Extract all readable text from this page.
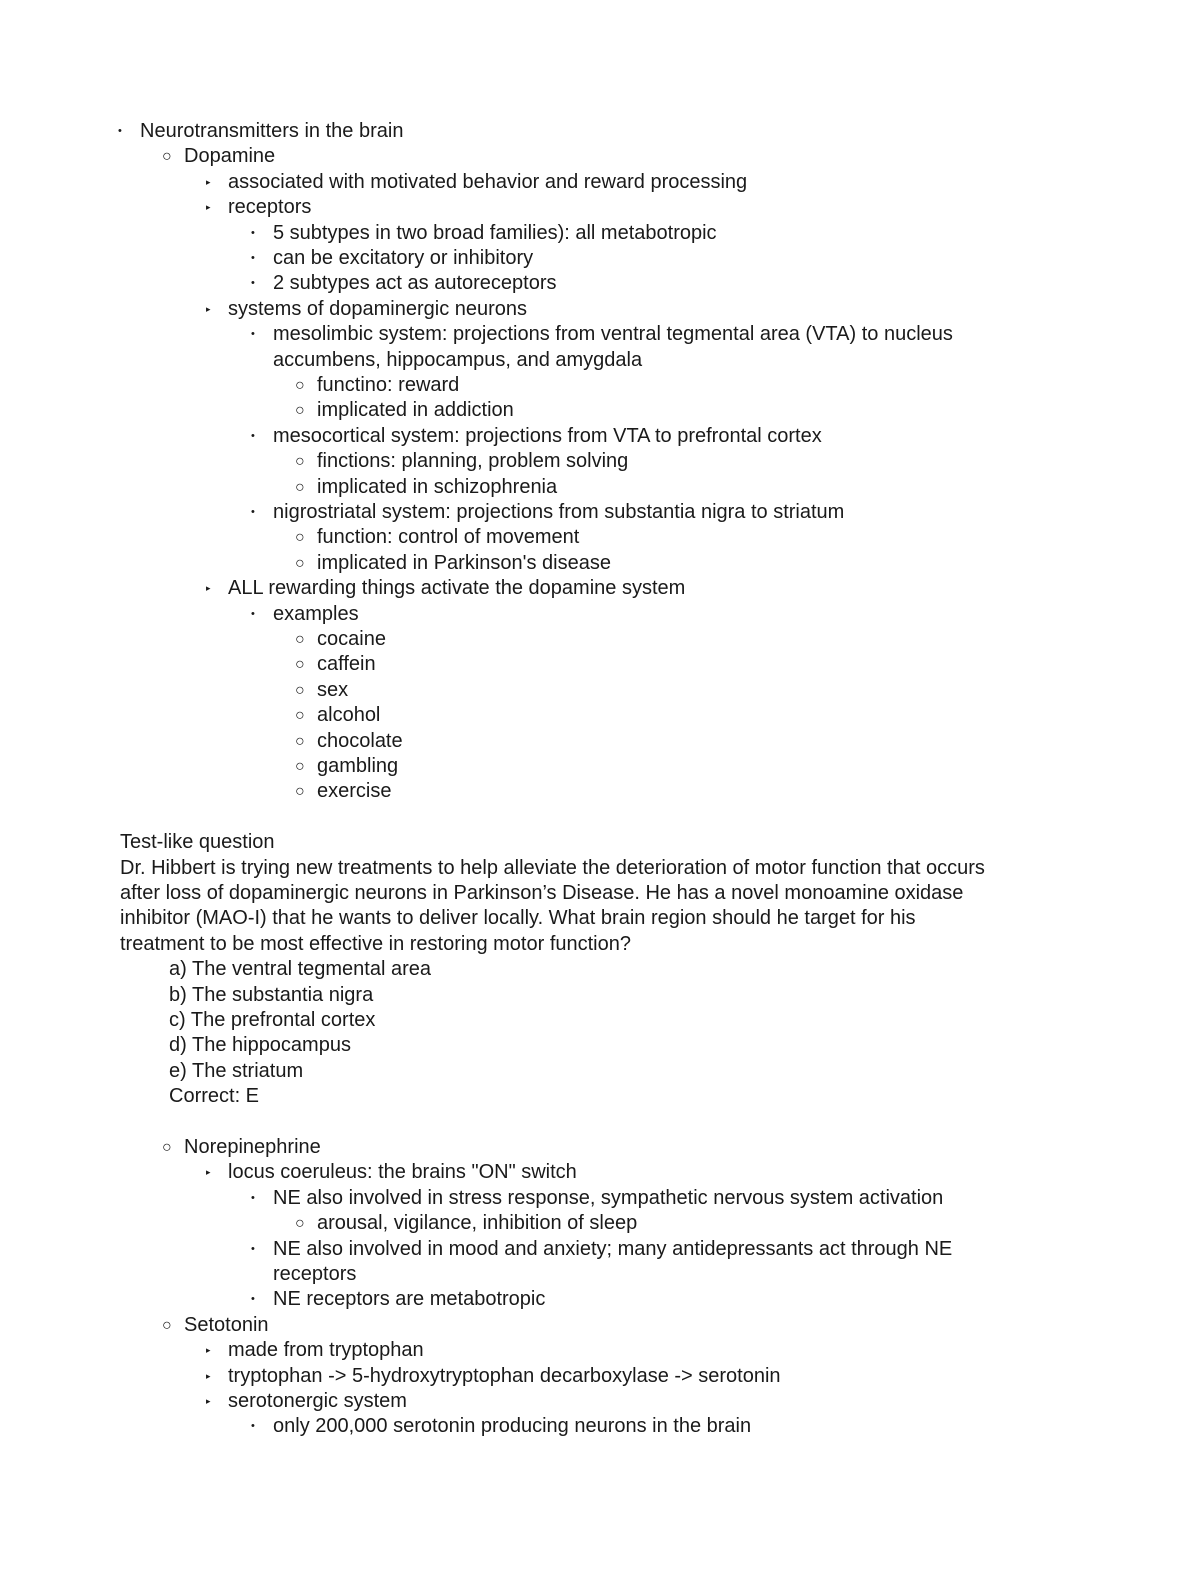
• Neurotransmitters in the brain
○ Dopamine
▸ associated with motivated behavior and reward processing
▸ receptors
• 5 subtypes in two broad families): all metabotropic
• can be excitatory or inhibitory
• 2 subtypes act as autoreceptors
▸ systems of dopaminergic neurons
• mesolimbic system: projections from ventral tegmental area (VTA) to nucleus
accumbens, hippocampus, and amygdala
○ functino: reward
○ implicated in addiction
• mesocortical system: projections from VTA to prefrontal cortex
○ finctions: planning, problem solving
○ implicated in schizophrenia
• nigrostriatal system: projections from substantia nigra to striatum
○ function: control of movement
○ implicated in Parkinson's disease
▸ ALL rewarding things activate the dopamine system
• examples
○ cocaine
○ caffein
○ sex
○ alcohol
○ chocolate
○ gambling
○ exercise
Test-like question
Dr. Hibbert is trying new treatments to help alleviate the deterioration of motor function that occurs
after loss of dopaminergic neurons in Parkinson’s Disease. He has a novel monoamine oxidase
inhibitor (MAO-I) that he wants to deliver locally. What brain region should he target for his
treatment to be most effective in restoring motor function?
a) The ventral tegmental area
b) The substantia nigra
c) The prefrontal cortex
d) The hippocampus
e) The striatum
Correct: E
○ Norepinephrine
▸ locus coeruleus: the brains "ON" switch
• NE also involved in stress response, sympathetic nervous system activation
○ arousal, vigilance, inhibition of sleep
• NE also involved in mood and anxiety; many antidepressants act through NE
receptors
• NE receptors are metabotropic
○ Setotonin
▸ made from tryptophan
▸ tryptophan -> 5-hydroxytryptophan decarboxylase -> serotonin
▸ serotonergic system
• only 200,000 serotonin producing neurons in the brain
